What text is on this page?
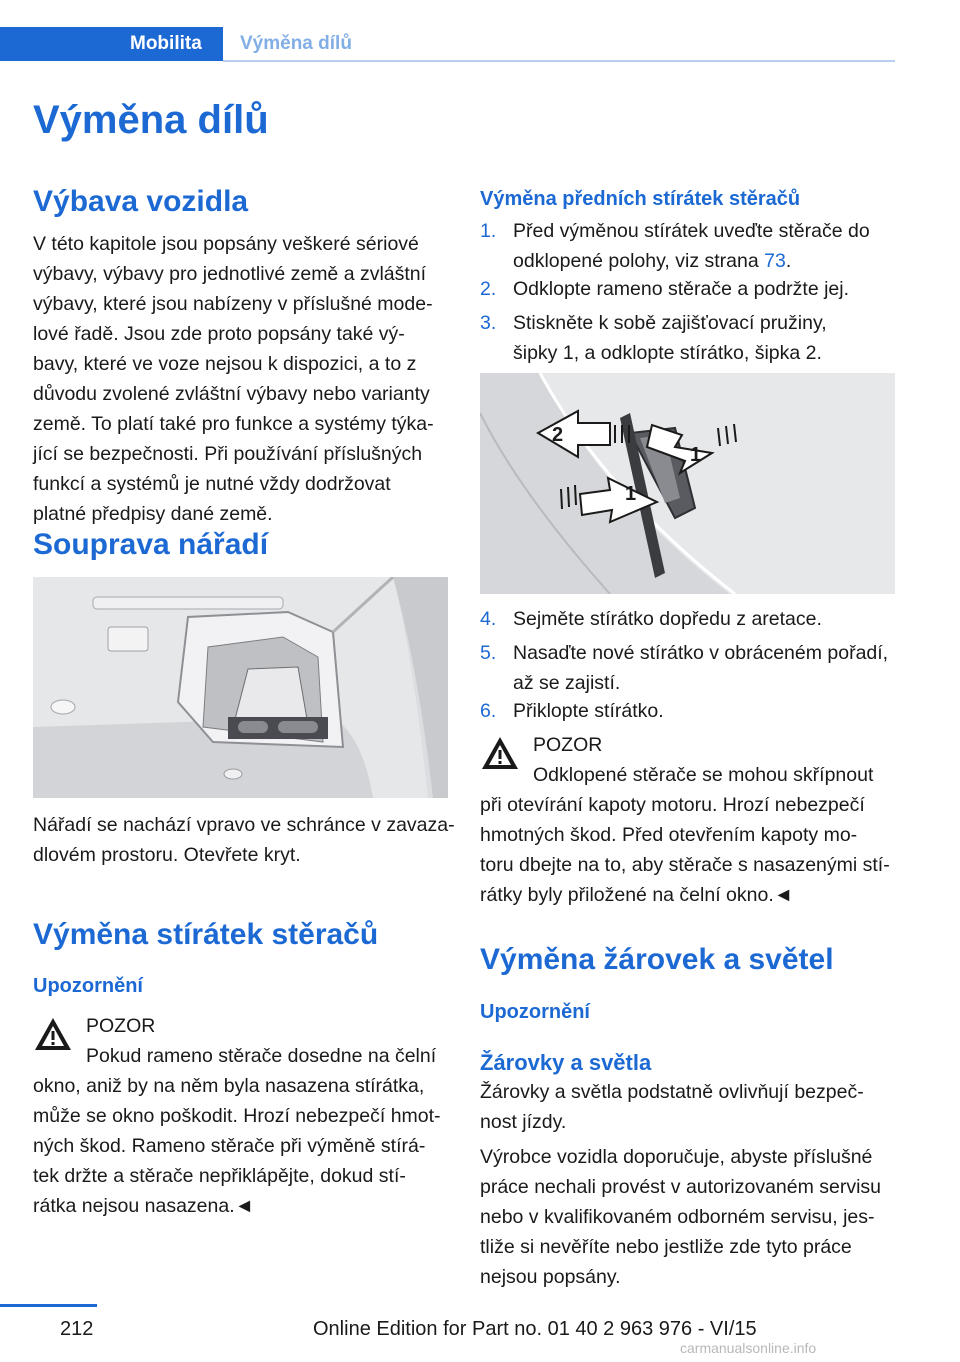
Mobilita	Výměna dílů
Výměna dílů
Výbava vozidla
V této kapitole jsou popsány veškeré sériové
výbavy, výbavy pro jednotlivé země a zvláštní
výbavy, které jsou nabízeny v příslušné mode‐
lové řadě. Jsou zde proto popsány také vý‐
bavy, které ve voze nejsou k dispozici, a to z
důvodu zvolené zvláštní výbavy nebo varianty
země. To platí také pro funkce a systémy týka‐
jící se bezpečnosti. Při používání příslušných
funkcí a systémů je nutné vždy dodržovat
platné předpisy dané země.
Souprava nářadí
Nářadí se nachází vpravo ve schránce v zavaza‐
dlovém prostoru. Otevřete kryt.
Výměna stírátek stěračů
Upozornění
POZOR
Pokud rameno stěrače dosedne na čelní
okno, aniž by na něm byla nasazena stírátka,
může se okno poškodit. Hrozí nebezpečí hmot‐
ných škod. Rameno stěrače při výměně stírá‐
tek držte a stěrače nepřiklápějte, dokud stí‐
rátka nejsou nasazena.◄
Výměna předních stírátek stěračů
1. Před výměnou stírátek uveďte stěrače do
odklopené polohy, viz strana 73.
2. Odklopte rameno stěrače a podržte jej.
3. Stiskněte k sobě zajišťovací pružiny,
šipky 1, a odklopte stírátko, šipka 2.
2
1
1
4. Sejměte stírátko dopředu z aretace.
5. Nasaďte nové stírátko v obráceném pořadí,
až se zajistí.
6. Přiklopte stírátko.
POZOR
Odklopené stěrače se mohou skřípnout
při otevírání kapoty motoru. Hrozí nebezpečí
hmotných škod. Před otevřením kapoty mo‐
toru dbejte na to, aby stěrače s nasazenými stí‐
rátky byly přiložené na čelní okno.◄
Výměna žárovek a světel
Upozornění
Žárovky a světla
Žárovky a světla podstatně ovlivňují bezpeč‐
nost jízdy.
Výrobce vozidla doporučuje, abyste příslušné
práce nechali provést v autorizovaném servisu
nebo v kvalifikovaném odborném servisu, jes‐
tliže si nevěříte nebo jestliže zde tyto práce
nejsou popsány.
212	Online Edition for Part no. 01 40 2 963 976 - VI/15
carmanualsonline.info
